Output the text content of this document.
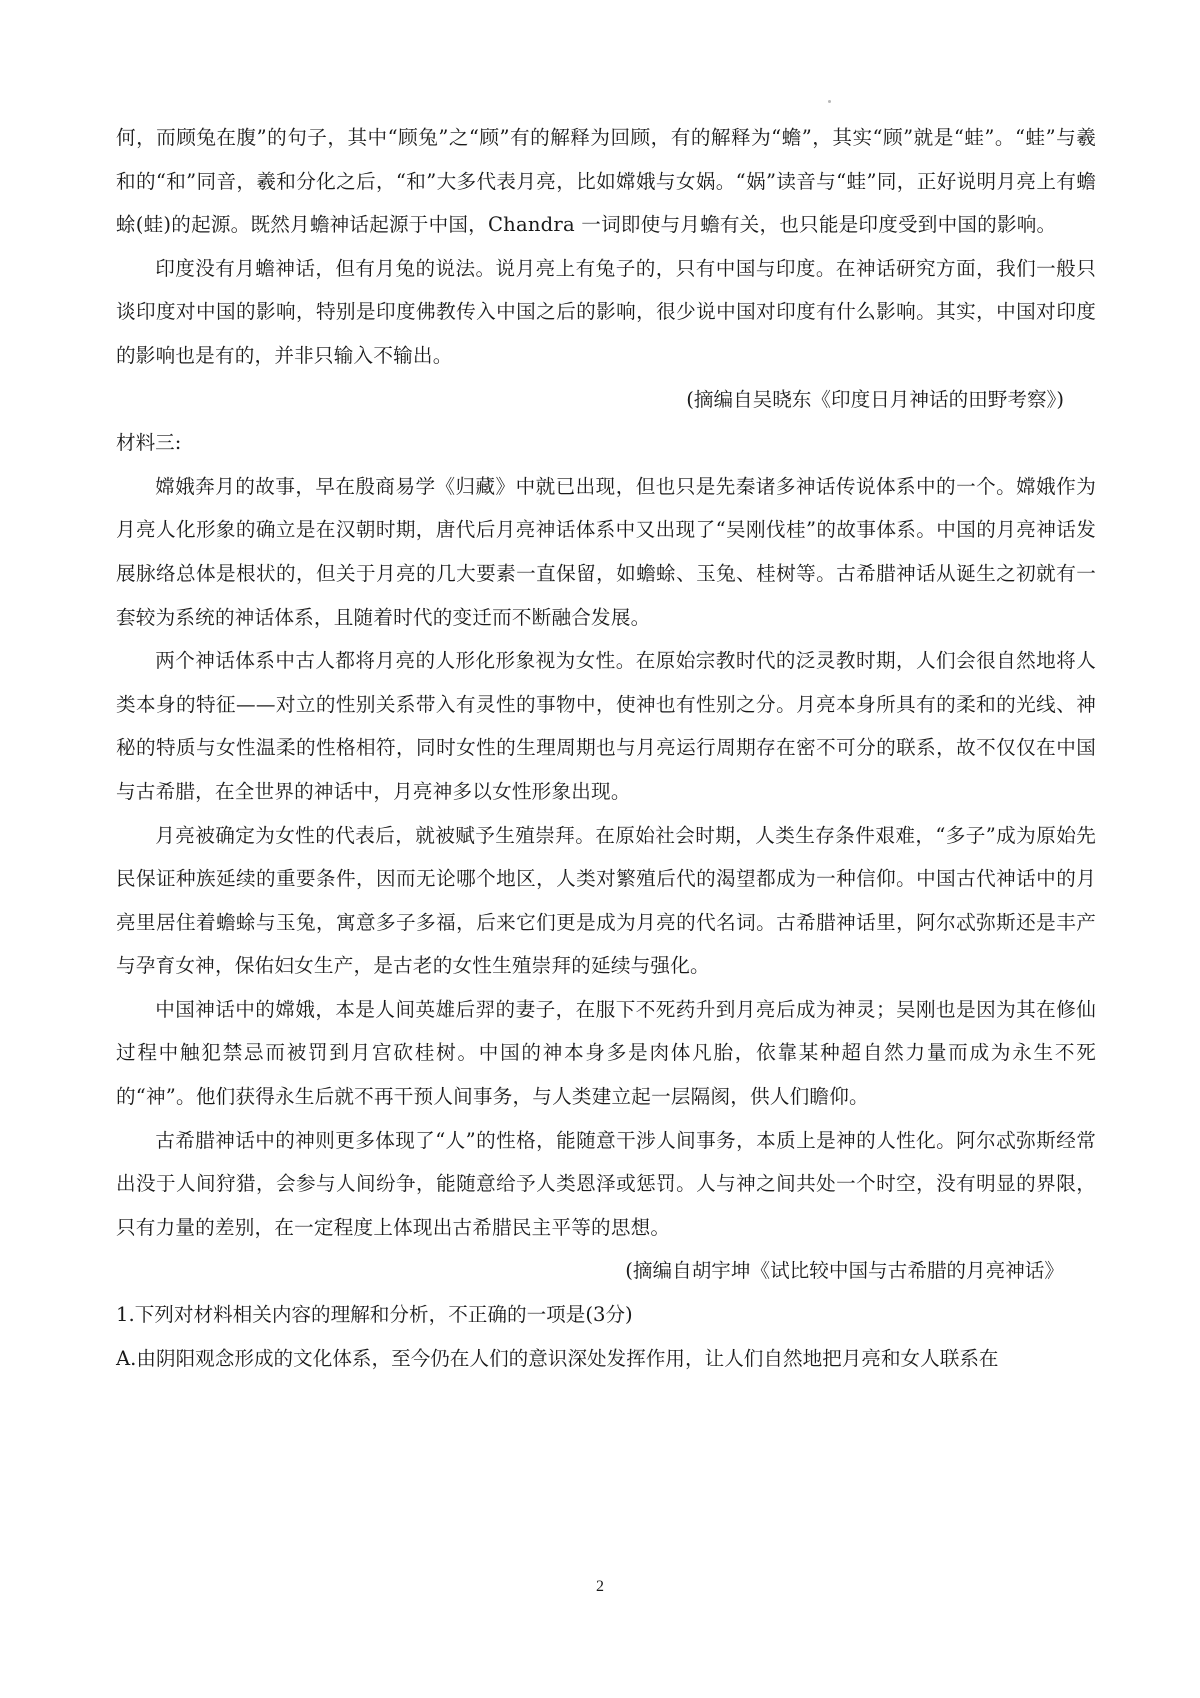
何，而顾兔在腹”的句子，其中“顾兔”之“顾”有的解释为回顾，有的解释为“蟾”，其实“顾”就是“蛙”。“蛙”与羲和的“和”同音，羲和分化之后，“和”大多代表月亮，比如嫦娥与女娲。“娲”读音与“蛙”同，正好说明月亮上有蟾蜍(蛙)的起源。既然月蟾神话起源于中国，Chandra 一词即使与月蟾有关，也只能是印度受到中国的影响。

印度没有月蟾神话，但有月兔的说法。说月亮上有兔子的，只有中国与印度。在神话研究方面，我们一般只谈印度对中国的影响，特别是印度佛教传入中国之后的影响，很少说中国对印度有什么影响。其实，中国对印度的影响也是有的，并非只输入不输出。

(摘编自吴晓东《印度日月神话的田野考察》)

材料三:

嫦娥奔月的故事，早在殷商易学《归藏》中就已出现，但也只是先秦诸多神话传说体系中的一个。嫦娥作为月亮人化形象的确立是在汉朝时期，唐代后月亮神话体系中又出现了“吴刚伐桂”的故事体系。中国的月亮神话发展脉络总体是根状的，但关于月亮的几大要素一直保留，如蟾蜍、玉兔、桂树等。古希腊神话从诞生之初就有一套较为系统的神话体系，且随着时代的变迁而不断融合发展。

两个神话体系中古人都将月亮的人形化形象视为女性。在原始宗教时代的泛灵教时期，人们会很自然地将人类本身的特征——对立的性别关系带入有灵性的事物中，使神也有性别之分。月亮本身所具有的柔和的光线、神秘的特质与女性温柔的性格相符，同时女性的生理周期也与月亮运行周期存在密不可分的联系，故不仅仅在中国与古希腊，在全世界的神话中，月亮神多以女性形象出现。

月亮被确定为女性的代表后，就被赋予生殖崇拜。在原始社会时期，人类生存条件艰难，“多子”成为原始先民保证种族延续的重要条件，因而无论哪个地区，人类对繁殖后代的渴望都成为一种信仰。中国古代神话中的月亮里居住着蟾蜍与玉兔，寓意多子多福，后来它们更是成为月亮的代名词。古希腊神话里，阿尔忒弥斯还是丰产与孕育女神，保佑妇女生产，是古老的女性生殖崇拜的延续与强化。

中国神话中的嫦娥，本是人间英雄后羿的妻子，在服下不死药升到月亮后成为神灵；吴刚也是因为其在修仙过程中触犯禁忌而被罚到月宫砍桂树。中国的神本身多是肉体凡胎，依靠某种超自然力量而成为永生不死的“神”。他们获得永生后就不再干预人间事务，与人类建立起一层隔阂，供人们瞻仰。

古希腊神话中的神则更多体现了“人”的性格，能随意干涉人间事务，本质上是神的人性化。阿尔忒弥斯经常出没于人间狩猎，会参与人间纷争，能随意给予人类恩泽或惩罚。人与神之间共处一个时空，没有明显的界限，只有力量的差别，在一定程度上体现出古希腊民主平等的思想。

(摘编自胡宇坤《试比较中国与古希腊的月亮神话》

1.下列对材料相关内容的理解和分析，不正确的一项是(3分)

A.由阴阳观念形成的文化体系，至今仍在人们的意识深处发挥作用，让人们自然地把月亮和女人联系在

2
